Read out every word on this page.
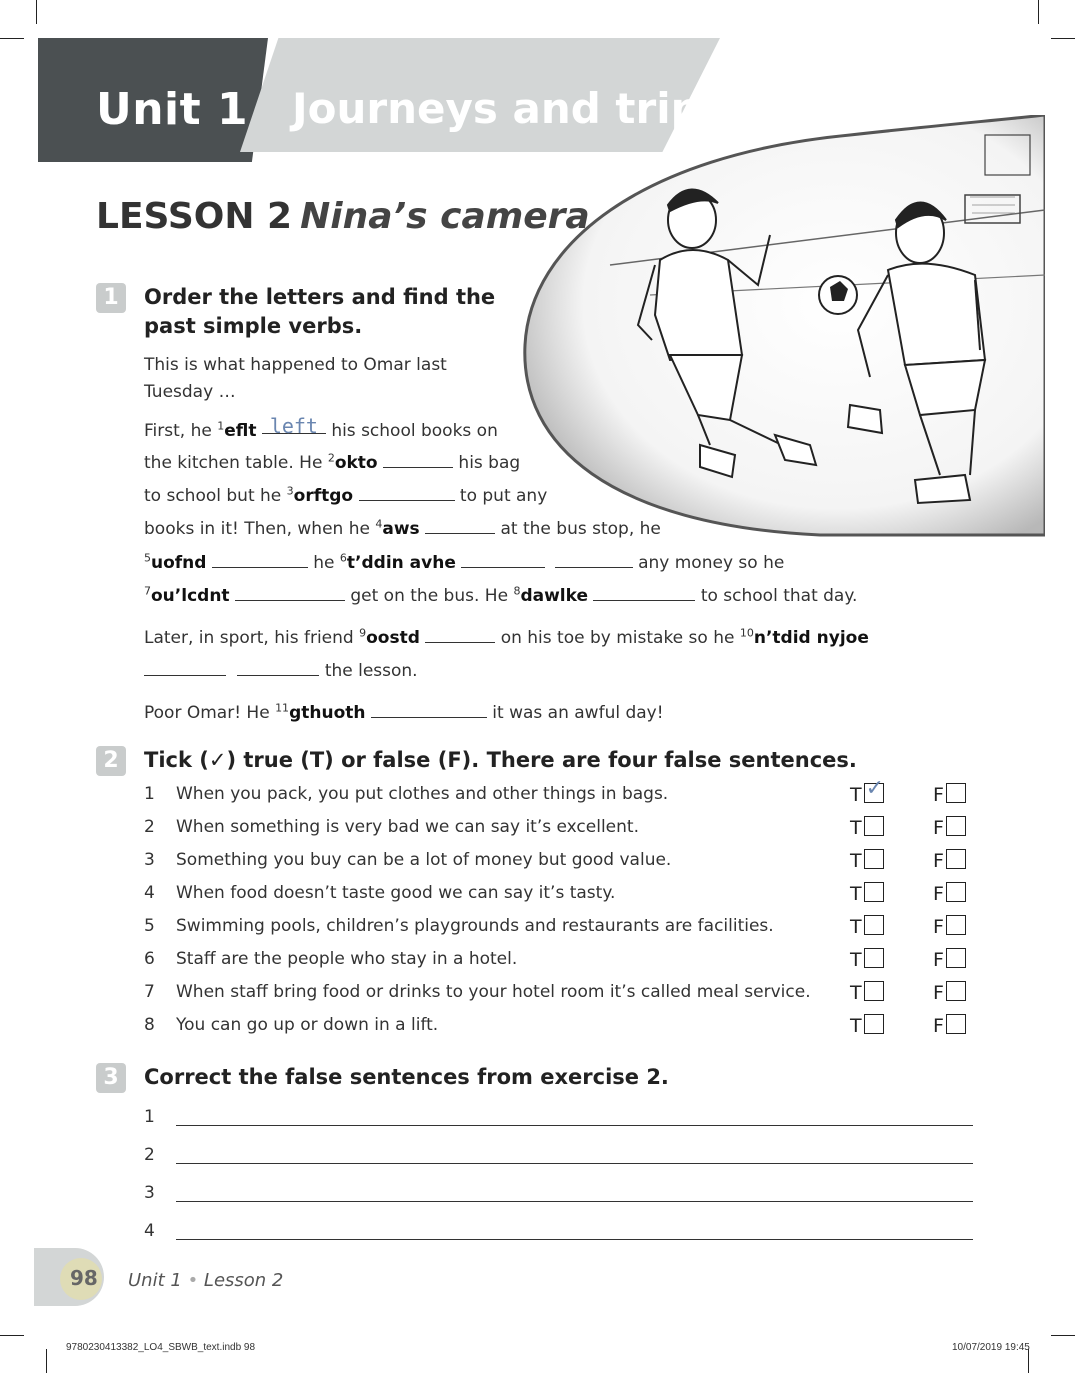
Unit 1 Journeys and trips
LESSON 2 Nina’s camera
1	Order the letters and find the
past simple verbs.
This is what happened to Omar last
Tuesday …
First, he $^1$eflt left his school books on
the kitchen table. He $^2$okto	his bag
to school but he $^3$orftgo	to put any
books in it! Then, when he $^4$aws	at the bus stop, he
$^5$uofnd	he $^6$t’ddin avhe	any money so he
$^7$ou’lcdnt	get on the bus. He $^8$dawlke	to school that day.
Later, in sport, his friend $^9$oostd	on his toe by mistake so he $^{10}$n’tdid nyjoe
the lesson.
Poor Omar! He $^{11}$gthuoth	it was an awful day!
2	Tick (✓) true (T) or false (F). There are four false sentences.
1 When you pack, you put clothes and other things in bags.	T ✓	F
2 When something is very bad we can say it’s excellent.	T	F
3 Something you buy can be a lot of money but good value.	T	F
4 When food doesn’t taste good we can say it’s tasty.	T	F
5 Swimming pools, children’s playgrounds and restaurants are facilities.	T	F
6 Staff are the people who stay in a hotel.	T	F
7 When staff bring food or drinks to your hotel room it’s called meal service. T	F
8 You can go up or down in a lift.	T	F
3	Correct the false sentences from exercise 2.
1
2
3
4
98 Unit 1 • Lesson 2
9780230413382_LO4_SBWB_text.indb 98	10/07/2019 19:45
